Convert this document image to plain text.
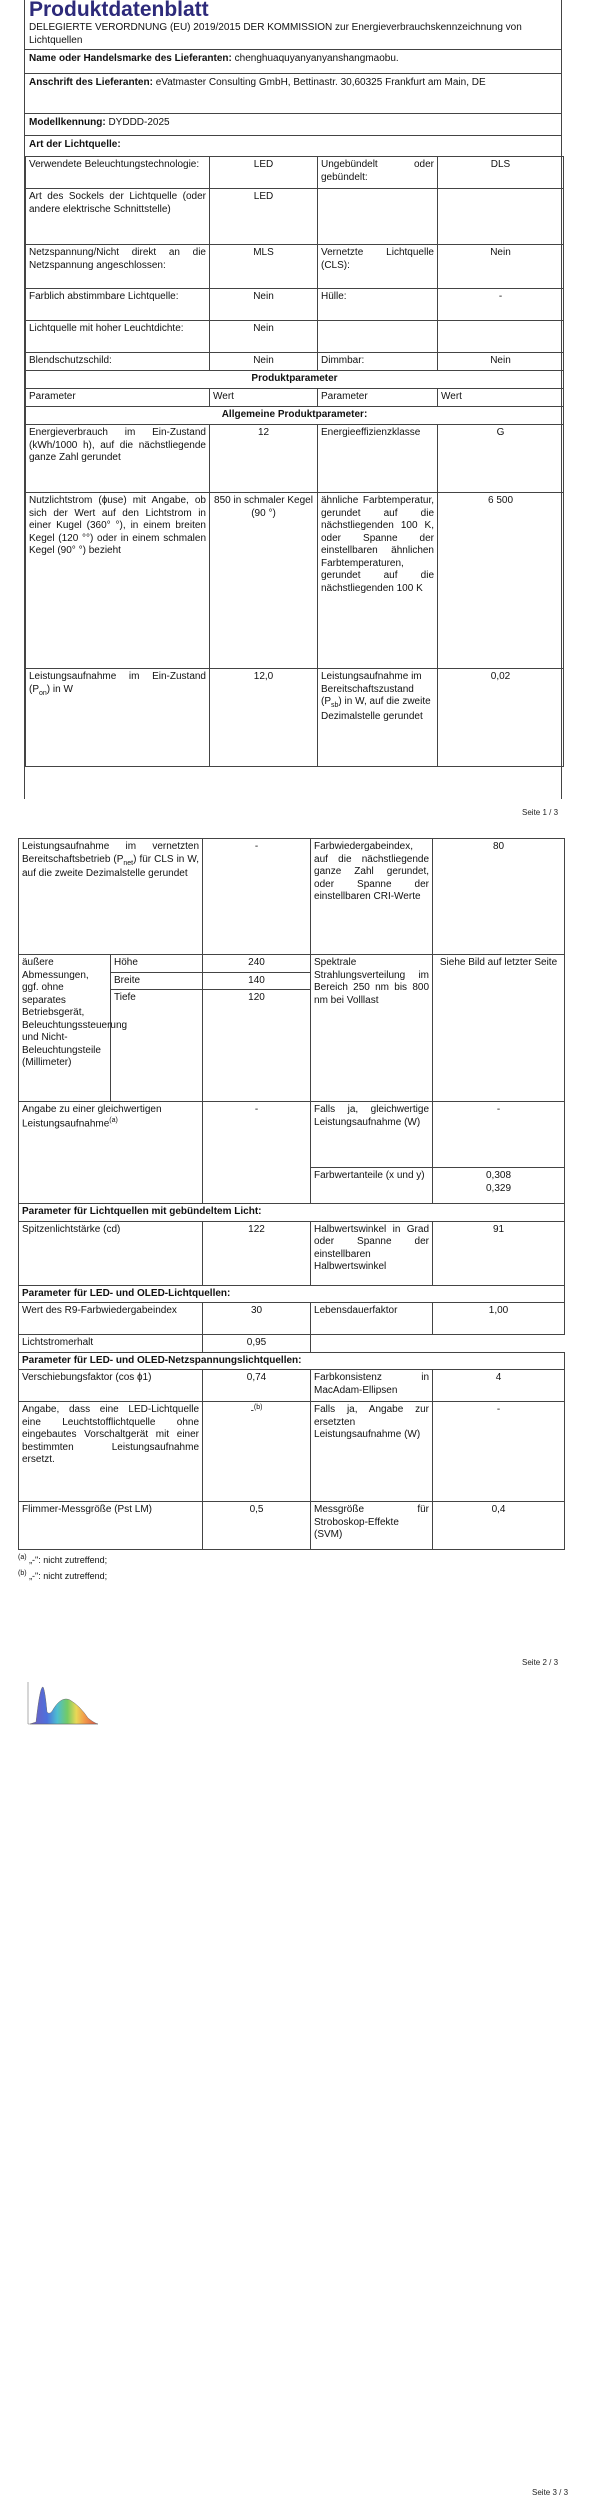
Produktdatenblatt
DELEGIERTE VERORDNUNG (EU) 2019/2015 DER KOMMISSION zur Energieverbrauchskennzeichnung von Lichtquellen
Name oder Handelsmarke des Lieferanten: chenghuaquyanyanyanshangmaobu.
Anschrift des Lieferanten: eVatmaster Consulting GmbH, Bettinastr. 30,60325 Frankfurt am Main, DE
Modellkennung: DYDDD-2025
Art der Lichtquelle:
Verwendete Beleuchtungstechnologie:	LED	Ungebündelt oder gebündelt:	DLS
Art des Sockels der Lichtquelle (oder andere elektrische Schnittstelle)	LED		
Netzspannung/Nicht direkt an die Netzspannung angeschlossen:	MLS	Vernetzte Lichtquelle (CLS):	Nein
Farblich abstimmbare Lichtquelle:	Nein	Hülle:	-
Lichtquelle mit hoher Leuchtdichte:	Nein		
Blendschutzschild:	Nein	Dimmbar:	Nein
Produktparameter			
Parameter	Wert	Parameter	Wert
Allgemeine Produktparameter:			
Energieverbrauch im Ein-Zustand (kWh/1000 h), auf die nächstliegende ganze Zahl gerundet	12	Energieeffizienzklasse	G
Nutzlichtstrom (ɸuse) mit Angabe, ob sich der Wert auf den Lichtstrom in einer Kugel (360° °), in einem breiten Kegel (120 °°) oder in einem schmalen Kegel (90° °) bezieht	850 in schmaler Kegel (90 °)	ähnliche Farbtemperatur, gerundet auf die nächstliegenden 100 K, oder Spanne der einstellbaren ähnlichen Farbtemperaturen, gerundet auf die nächstliegenden 100 K	6 500
Leistungsaufnahme im Ein-Zustand $(P_{on})$ in W	12,0	Leistungsaufnahme im Bereitschaftszustand $(P_{sb})$ in W, auf die zweite Dezimalstelle gerundet	0,02
Seite 1 / 3
Leistungsaufnahme im vernetzten Bereitschaftsbetrieb $(P_{net})$ für CLS in W, auf die zweite Dezimalstelle gerundet		-	Farbwiedergabeindex, auf die nächstliegende ganze Zahl gerundet, oder Spanne der einstellbaren CRI-Werte	80
äußere Abmessungen, ggf. ohne separates Betriebsgerät, Beleuchtungssteuerung und Nicht-Beleuchtungsteile (Millimeter)	Höhe	240	Spektrale Strahlungsverteilung im Bereich 250 nm bis 800 nm bei Volllast	Siehe Bild auf letzter Seite
	Breite	140		
	Tiefe	120		
Angabe zu einer gleichwertigen Leistungsaufnahme$^{(a)}$		-	Falls ja, gleichwertige Leistungsaufnahme (W)	-
			Farbwertanteile (x und y)	0,308
0,329

Parameter für Lichtquellen mit gebündeltem Licht:				
Spitzenlichtstärke (cd)		122	Halbwertswinkel in Grad oder Spanne der einstellbaren Halbwertswinkel	91
Parameter für LED- und OLED-Lichtquellen:				
Wert des R9-Farbwiedergabeindex		30	Lebensdauerfaktor	1,00
Lichtstromerhalt		0,95		
Parameter für LED- und OLED-Netzspannungslichtquellen:				
Verschiebungsfaktor (cos ɸ1)		0,74	Farbkonsistenz in MacAdam-Ellipsen	4
Angabe, dass eine LED-Lichtquelle eine Leuchtstofflichtquelle ohne eingebautes Vorschaltgerät mit einer bestimmten Leistungsaufnahme ersetzt.		-$^{(b)}$	Falls ja, Angabe zur ersetzten Leistungsaufnahme (W)	-
Flimmer-Messgröße (Pst LM)		0,5	Messgröße für Stroboskop-Effekte (SVM)	0,4
$^{(a)}$ „-": nicht zutreffend;
$^{(b)}$ „-": nicht zutreffend;
Seite 2 / 3
Seite 3 / 3
